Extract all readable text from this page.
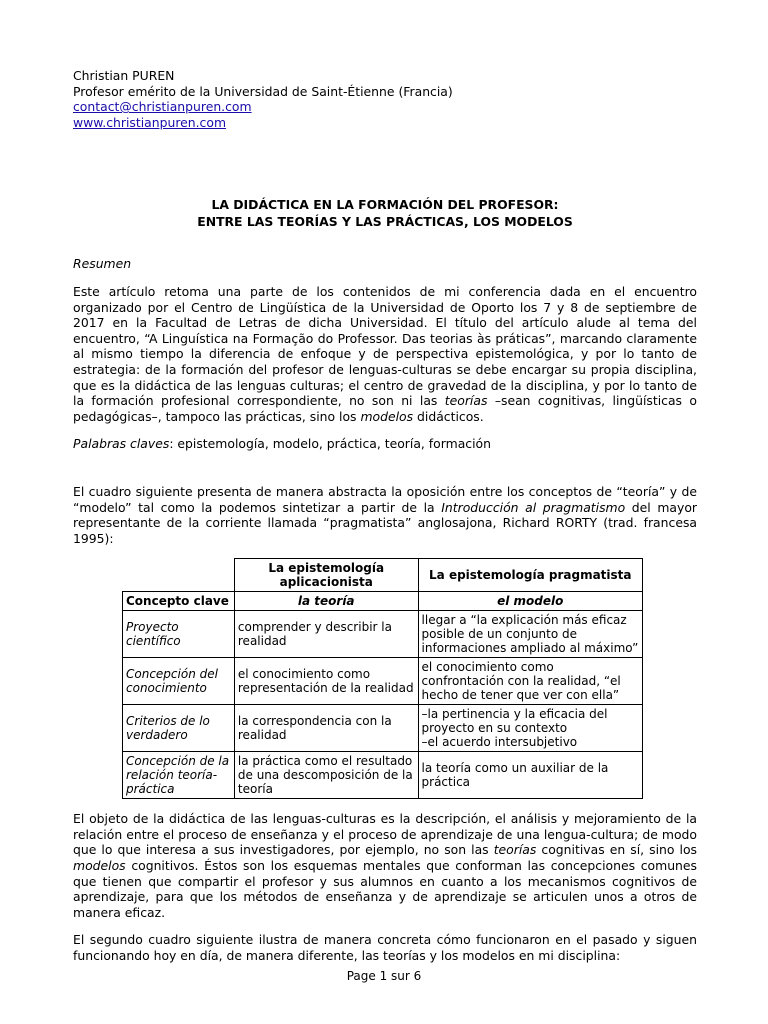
Christian PUREN
Profesor emérito de la Universidad de Saint-Étienne (Francia)
contact@christianpuren.com
www.christianpuren.com
LA DIDÁCTICA EN LA FORMACIÓN DEL PROFESOR:
ENTRE LAS TEORÍAS Y LAS PRÁCTICAS, LOS MODELOS
Resumen

Este artículo retoma una parte de los contenidos de mi conferencia dada en el encuentro organizado por el Centro de Lingüística de la Universidad de Oporto los 7 y 8 de septiembre de 2017 en la Facultad de Letras de dicha Universidad. El título del artículo alude al tema del encuentro, “A Linguística na Formação do Professor. Das teorias às práticas”, marcando claramente al mismo tiempo la diferencia de enfoque y de perspectiva epistemológica, y por lo tanto de estrategia: de la formación del profesor de lenguas-culturas se debe encargar su propia disciplina, que es la didáctica de las lenguas culturas; el centro de gravedad de la disciplina, y por lo tanto de la formación profesional correspondiente, no son ni las teorías –sean cognitivas, lingüísticas o pedagógicas–, tampoco las prácticas, sino los modelos didácticos.

Palabras claves: epistemología, modelo, práctica, teoría, formación

El cuadro siguiente presenta de manera abstracta la oposición entre los conceptos de “teoría” y de “modelo” tal como la podemos sintetizar a partir de la Introducción al pragmatismo del mayor representante de la corriente llamada “pragmatista” anglosajona, Richard RORTY (trad. francesa 1995):

	La epistemología aplicacionista	La epistemología pragmatista
Concepto clave	la teoría	el modelo
Proyecto científico	comprender y describir la realidad	llegar a “la explicación más eficaz posible de un conjunto de informaciones ampliado al máximo”
Concepción del conocimiento	el conocimiento como representación de la realidad	el conocimiento como confrontación con la realidad, “el hecho de tener que ver con ella”
Criterios de lo verdadero	la correspondencia con la realidad	–la pertinencia y la eficacia del proyecto en su contexto
–el acuerdo intersubjetivo

Concepción de la relación teoría-práctica	la práctica como el resultado de una descomposición de la teoría	la teoría como un auxiliar de la práctica

El objeto de la didáctica de las lenguas-culturas es la descripción, el análisis y mejoramiento de la relación entre el proceso de enseñanza y el proceso de aprendizaje de una lengua-cultura; de modo que lo que interesa a sus investigadores, por ejemplo, no son las teorías cognitivas en sí, sino los modelos cognitivos. Éstos son los esquemas mentales que conforman las concepciones comunes que tienen que compartir el profesor y sus alumnos en cuanto a los mecanismos cognitivos de aprendizaje, para que los métodos de enseñanza y de aprendizaje se articulen unos a otros de manera eficaz.

El segundo cuadro siguiente ilustra de manera concreta cómo funcionaron en el pasado y siguen funcionando hoy en día, de manera diferente, las teorías y los modelos en mi disciplina:

Page 1 sur 6
